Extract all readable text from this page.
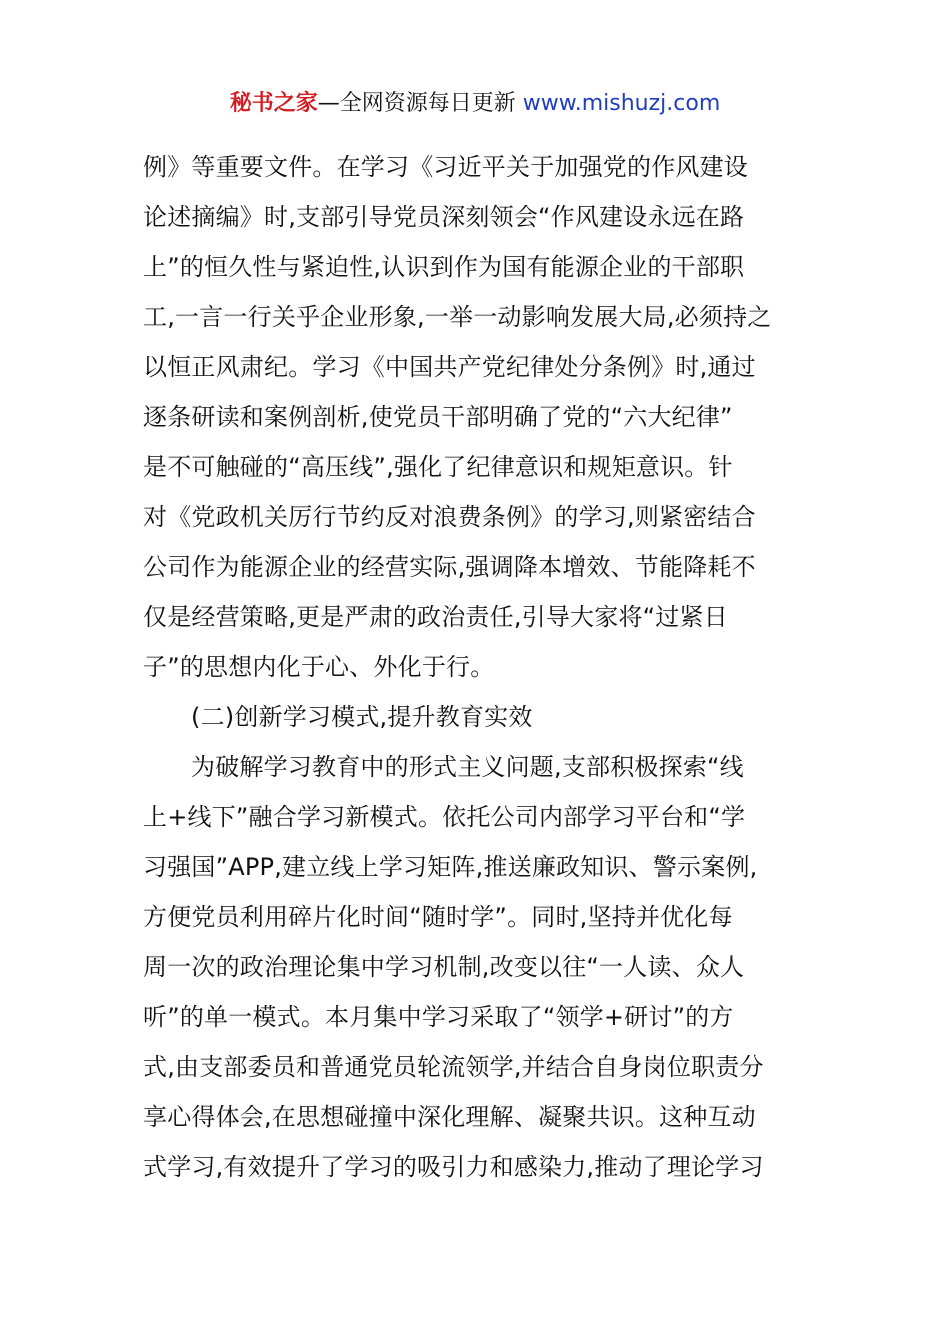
秘书之家—全网资源每日更新 www.mishuzj.com

例》等重要文件。在学习《习近平关于加强党的作风建设

论述摘编》时,支部引导党员深刻领会“作风建设永远在路

上”的恒久性与紧迫性,认识到作为国有能源企业的干部职

工,一言一行关乎企业形象,一举一动影响发展大局,必须持之

以恒正风肃纪。学习《中国共产党纪律处分条例》时,通过

逐条研读和案例剖析,使党员干部明确了党的“六大纪律”

是不可触碰的“高压线”,强化了纪律意识和规矩意识。针

对《党政机关厉行节约反对浪费条例》的学习,则紧密结合

公司作为能源企业的经营实际,强调降本增效、节能降耗不

仅是经营策略,更是严肃的政治责任,引导大家将“过紧日

子”的思想内化于心、外化于行。

(二)创新学习模式,提升教育实效

为破解学习教育中的形式主义问题,支部积极探索“线

上+线下”融合学习新模式。依托公司内部学习平台和“学

习强国”APP,建立线上学习矩阵,推送廉政知识、警示案例,

方便党员利用碎片化时间“随时学”。同时,坚持并优化每

周一次的政治理论集中学习机制,改变以往“一人读、众人

听”的单一模式。本月集中学习采取了“领学+研讨”的方

式,由支部委员和普通党员轮流领学,并结合自身岗位职责分

享心得体会,在思想碰撞中深化理解、凝聚共识。这种互动

式学习,有效提升了学习的吸引力和感染力,推动了理论学习
